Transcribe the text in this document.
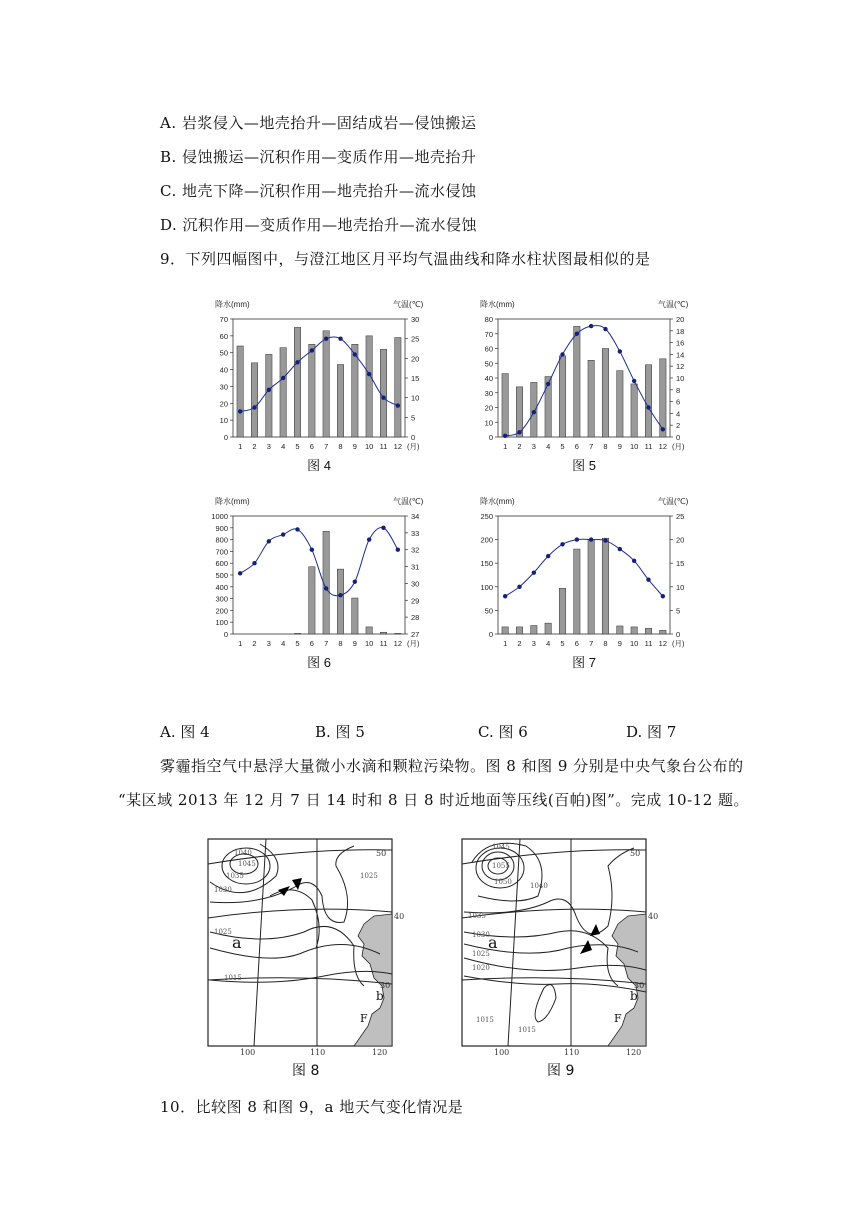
A. 岩浆侵入—地壳抬升—固结成岩—侵蚀搬运
B. 侵蚀搬运—沉积作用—变质作用—地壳抬升
C. 地壳下降—沉积作用—地壳抬升—流水侵蚀
D. 沉积作用—变质作用—地壳抬升—流水侵蚀
9．下列四幅图中，与澄江地区月平均气温曲线和降水柱状图最相似的是
降水(mm)	气温(℃)
0
10
20
30
40
50
60
70
0
5
10
15
20
25
30
1 2 3 4 5 6 7 8 9 10 11 12 (月)
图 4
降水(mm)	气温(℃)
0
10
20
30
40
50
60
70
80
0
2
4
6
8
10
12
14
16
18
20
1 2 3 4 5 6 7 8 9 10 11 12 (月)
图 5
降水(mm)	气温(℃)
0
100
200
300
400
500
600
700
800
900
1000
27
28
29
30
31
32
33
34
1 2 3 4 5 6 7 8 9 10 11 12 (月)
图 6
降水(mm)	气温(℃)
0
50
100
150
200
250
0
5
10
15
20
25
1 2 3 4 5 6 7 8 9 10 11 12 (月)
图 7
A. 图 4	B. 图 5	C. 图 6	D. 图 7
雾霾指空气中悬浮大量微小水滴和颗粒污染物。图 8 和图 9 分别是中央气象台公布的
“某区域 2013 年 12 月 7 日 14 时和 8 日 8 时近地面等压线(百帕)图”。完成 10-12 题。
50
40
30
100	110	120
1040
1045
1035
1030
1025
1025
1015
a
b
F
图 8
50
40
30
100	110	120
1045
1055
1050	1040
1035
1030
1025
1020
1015
1015
a
b
F
图 9
10．比较图 8 和图 9，a 地天气变化情况是
